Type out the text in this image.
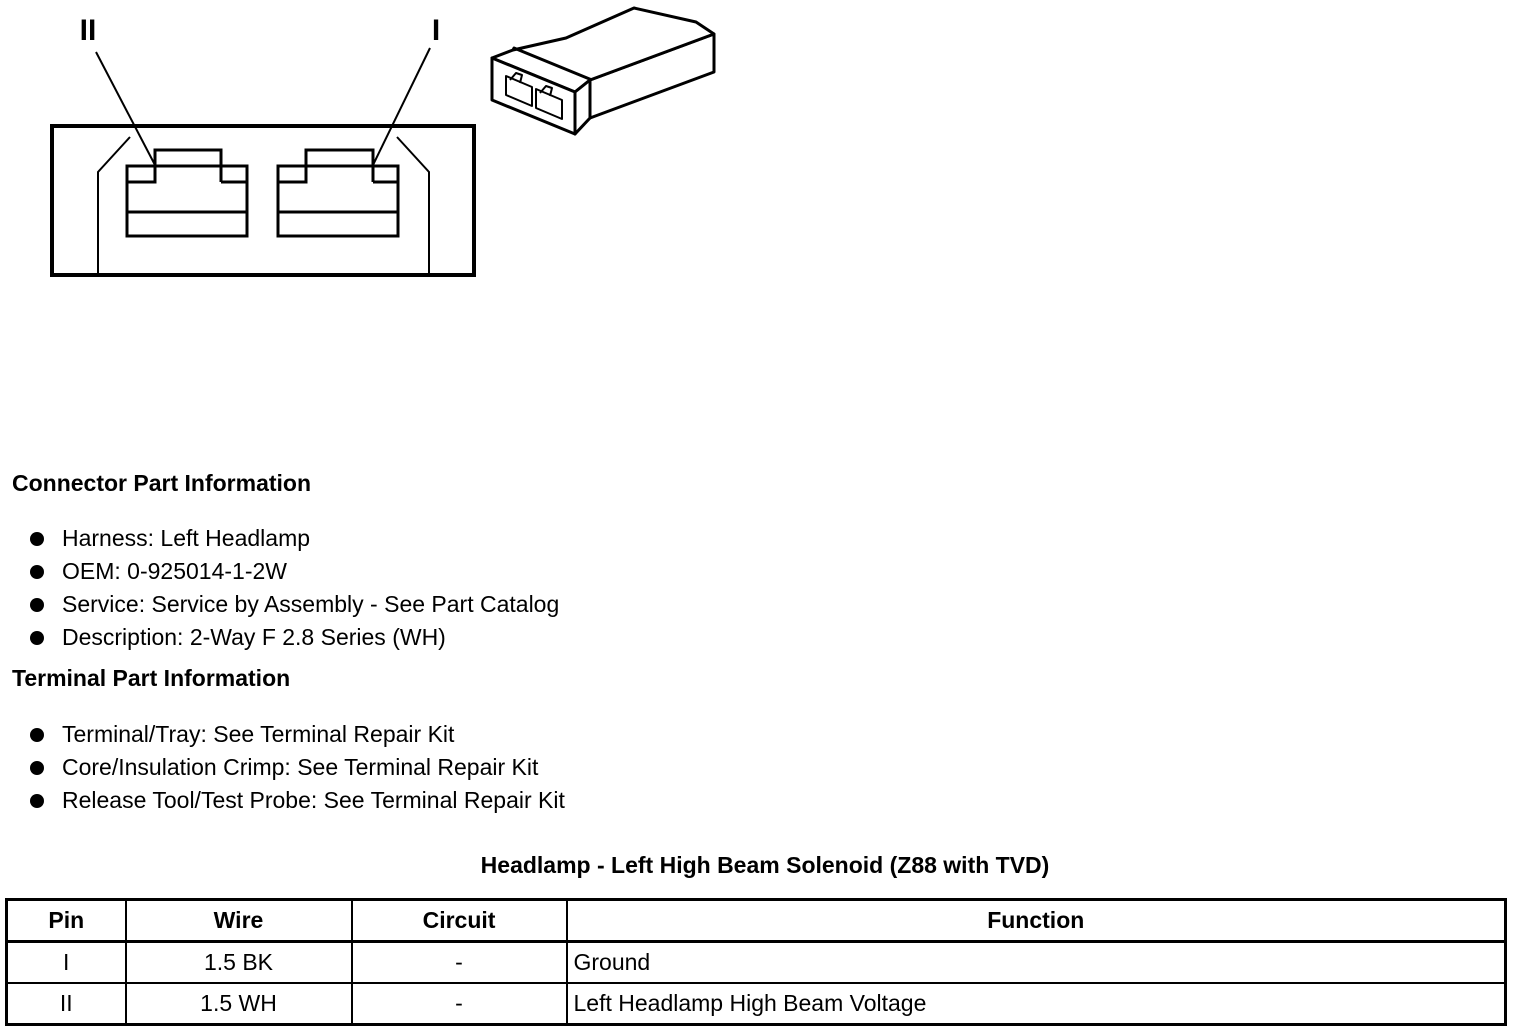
II	I
Connector Part Information
Harness: Left Headlamp
OEM: 0-925014-1-2W
Service: Service by Assembly - See Part Catalog
Description: 2-Way F 2.8 Series (WH)
Terminal Part Information
Terminal/Tray: See Terminal Repair Kit
Core/Insulation Crimp: See Terminal Repair Kit
Release Tool/Test Probe: See Terminal Repair Kit
Headlamp - Left High Beam Solenoid (Z88 with TVD)
Pin	Wire	Circuit	Function
I	1.5 BK	-	Ground
II	1.5 WH	-	Left Headlamp High Beam Voltage
